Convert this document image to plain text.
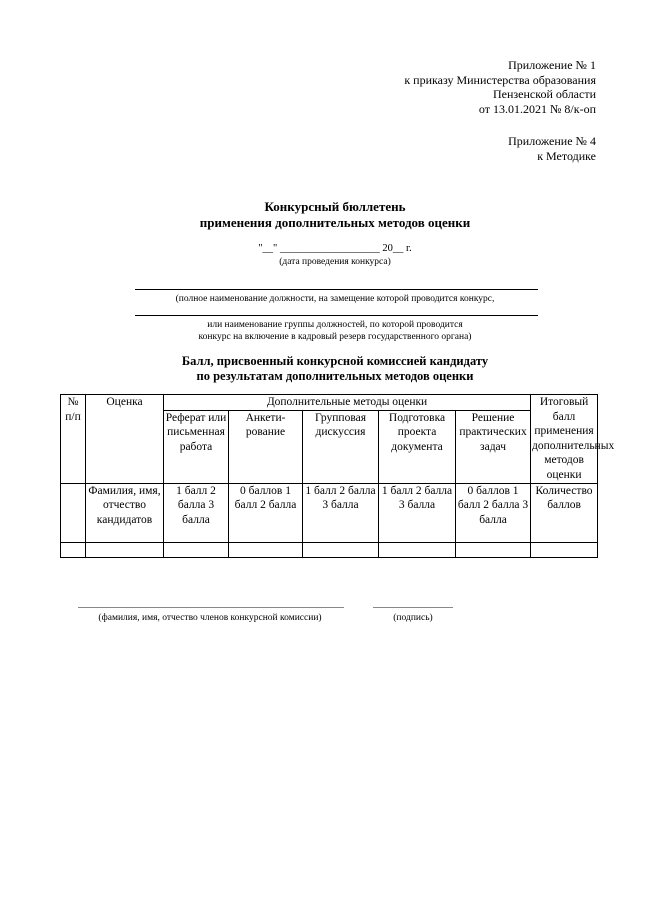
Приложение № 1
к приказу Министерства образования
Пензенской области
от 13.01.2021 № 8/к-оп
Приложение № 4
к Методике
Конкурсный бюллетень
применения дополнительных методов оценки
"__" ___________________ 20__ г.
(дата проведения конкурса)
(полное наименование должности, на замещение которой проводится конкурс,
или наименование группы должностей, по которой проводится
конкурс на включение в кадровый резерв государственного органа)
Балл, присвоенный конкурсной комиссией кандидату
по результатам дополнительных методов оценки
№ п/п	Оценка	Дополнительные методы оценки					Итоговый балл применения дополнительных методов оценки
		Реферат или письменная работа	Анкети-рование	Групповая дискуссия	Подготовка проекта документа	Решение практических задач	
	Фамилия, имя, отчество кандидатов	1 балл 2 балла 3 балла	0 баллов 1 балл 2 балла	1 балл 2 балла 3 балла	1 балл 2 балла 3 балла	0 баллов 1 балл 2 балла 3 балла	Количество баллов

(фамилия, имя, отчество членов конкурсной комиссии)	(подпись)
